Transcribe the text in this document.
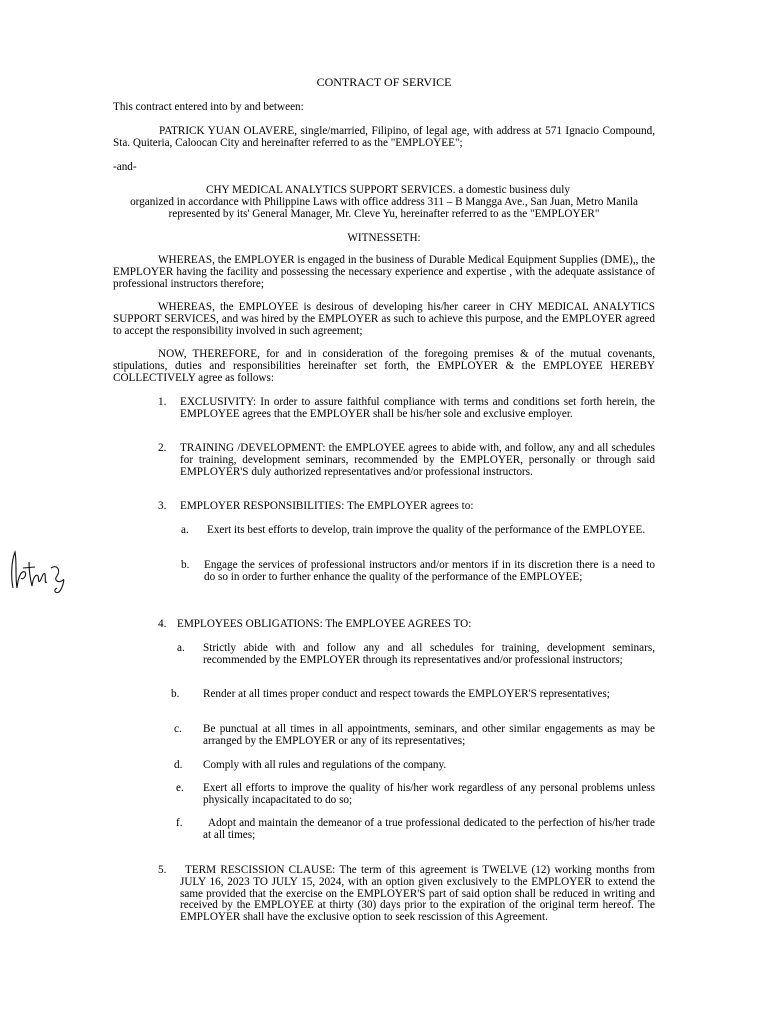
CONTRACT OF SERVICE

This contract entered into by and between:

PATRICK YUAN OLAVERE, single/married, Filipino, of legal age, with address at 571 Ignacio Compound, Sta. Quiteria, Caloocan City and hereinafter referred to as the "EMPLOYEE";

-and-

CHY MEDICAL ANALYTICS SUPPORT SERVICES. a domestic business duly
organized in accordance with Philippine Laws with office address 311 – B Mangga Ave., San Juan, Metro Manila represented by its' General Manager, Mr. Cleve Yu, hereinafter referred to as the "EMPLOYER"

WITNESSETH:

WHEREAS, the EMPLOYER is engaged in the business of Durable Medical Equipment Supplies (DME),, the EMPLOYER having the facility and possessing the necessary experience and expertise , with the adequate assistance of professional instructors therefore;

WHEREAS, the EMPLOYEE is desirous of developing his/her career in CHY MEDICAL ANALYTICS SUPPORT SERVICES, and was hired by the EMPLOYER as such to achieve this purpose, and the EMPLOYER agreed to accept the responsibility involved in such agreement;

NOW, THEREFORE, for and in consideration of the foregoing premises & of the mutual covenants, stipulations, duties and responsibilities hereinafter set forth, the EMPLOYER & the EMPLOYEE HEREBY COLLECTIVELY agree as follows:

1. EXCLUSIVITY: In order to assure faithful compliance with terms and conditions set forth herein, the EMPLOYEE agrees that the EMPLOYER shall be his/her sole and exclusive employer.

2. TRAINING /DEVELOPMENT: the EMPLOYEE agrees to abide with, and follow, any and all schedules for training, development seminars, recommended by the EMPLOYER, personally or through said EMPLOYER'S duly authorized representatives and/or professional instructors.

3. EMPLOYER RESPONSIBILITIES: The EMPLOYER agrees to:

a. Exert its best efforts to develop, train improve the quality of the performance of the EMPLOYEE.

b. Engage the services of professional instructors and/or mentors if in its discretion there is a need to do so in order to further enhance the quality of the performance of the EMPLOYEE;

4. EMPLOYEES OBLIGATIONS: The EMPLOYEE AGREES TO:

a. Strictly abide with and follow any and all schedules for training, development seminars, recommended by the EMPLOYER through its representatives and/or professional instructors;

b. Render at all times proper conduct and respect towards the EMPLOYER'S representatives;

c. Be punctual at all times in all appointments, seminars, and other similar engagements as may be arranged by the EMPLOYER or any of its representatives;

d. Comply with all rules and regulations of the company.

e. Exert all efforts to improve the quality of his/her work regardless of any personal problems unless physically incapacitated to do so;

f.	Adopt and maintain the demeanor of a true professional dedicated to the perfection of his/her trade at all times;

5.	TERM RESCISSION CLAUSE: The term of this agreement is TWELVE (12) working months from JULY 16, 2023 TO JULY 15, 2024, with an option given exclusively to the EMPLOYER to extend the same provided that the exercise on the EMPLOYER'S part of said option shall be reduced in writing and received by the EMPLOYEE at thirty (30) days prior to the expiration of the original term hereof. The EMPLOYER shall have the exclusive option to seek rescission of this Agreement.
